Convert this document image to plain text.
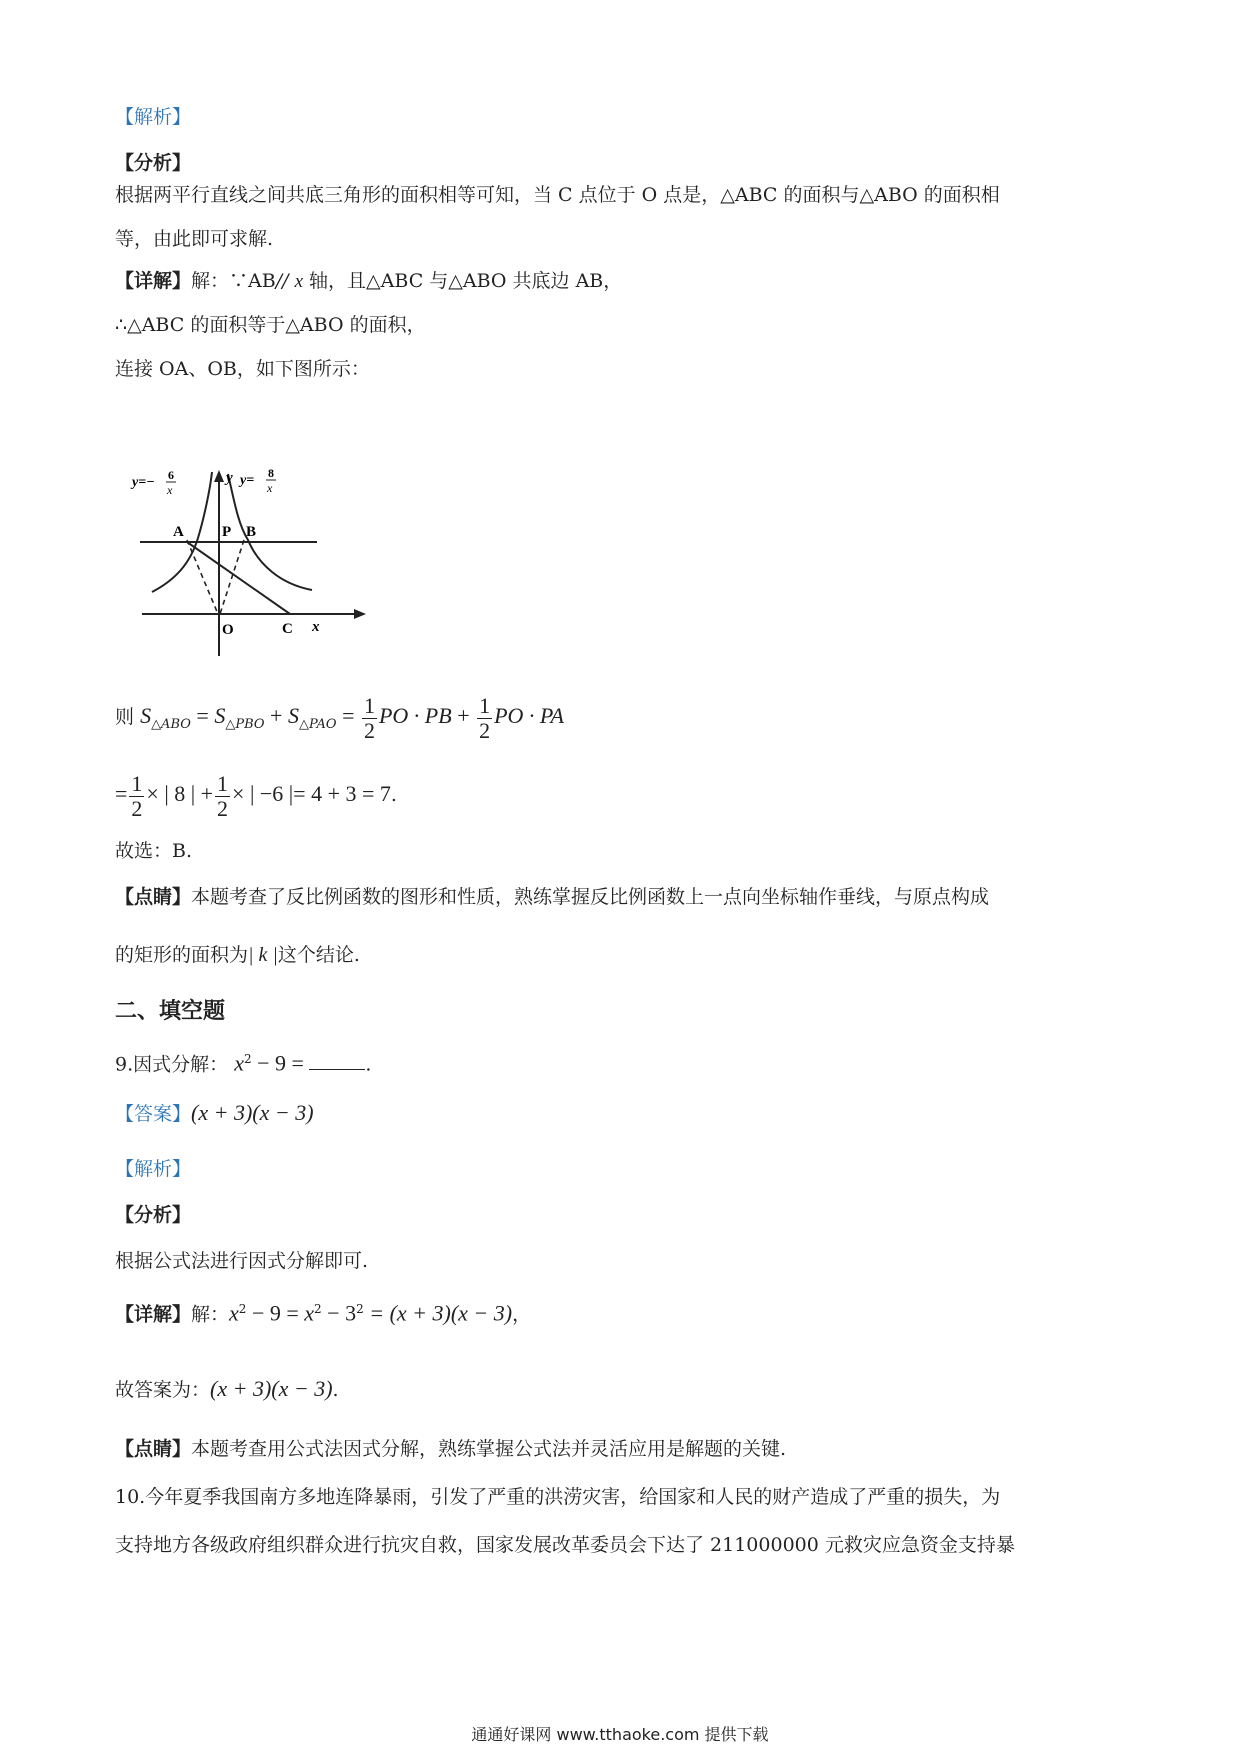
【解析】
【分析】
根据两平行直线之间共底三角形的面积相等可知，当 C 点位于 O 点是，△ABC 的面积与△ABO 的面积相
等，由此即可求解.
【详解】解：∵AB// x 轴，且△ABC 与△ABO 共底边 AB，
∴△ABC 的面积等于△ABO 的面积，
连接 OA、OB，如下图所示：
y=− 6
x
y= 8
x
y
x
A	P B
O	C
则 $S_{\triangle ABO} = S_{\triangle PBO} + S_{\triangle PAO} = \frac{1}{2}$ PO · PB + $\frac{1}{2}$ PO · PA
= $\frac{1}{2}$ × | 8 | + $\frac{1}{2}$ × | −6 |= 4 + 3 = 7.
故选：B.
【点睛】本题考查了反比例函数的图形和性质，熟练掌握反比例函数上一点向坐标轴作垂线，与原点构成
的矩形的面积为| k |这个结论.
二、填空题
9.因式分解： $x^2 - 9$ =	.
【答案】(x + 3)(x − 3)
【解析】
【分析】
根据公式法进行因式分解即可.
【详解】解：$x^2 - 9 = x^2 - 3^2 = (x + 3)(x - 3)$，
故答案为：(x + 3)(x − 3).
【点睛】本题考查用公式法因式分解，熟练掌握公式法并灵活应用是解题的关键.
10.今年夏季我国南方多地连降暴雨，引发了严重的洪涝灾害，给国家和人民的财产造成了严重的损失，为
支持地方各级政府组织群众进行抗灾自救，国家发展改革委员会下达了 211000000 元救灾应急资金支持暴
通通好课网 www.tthaoke.com 提供下载
